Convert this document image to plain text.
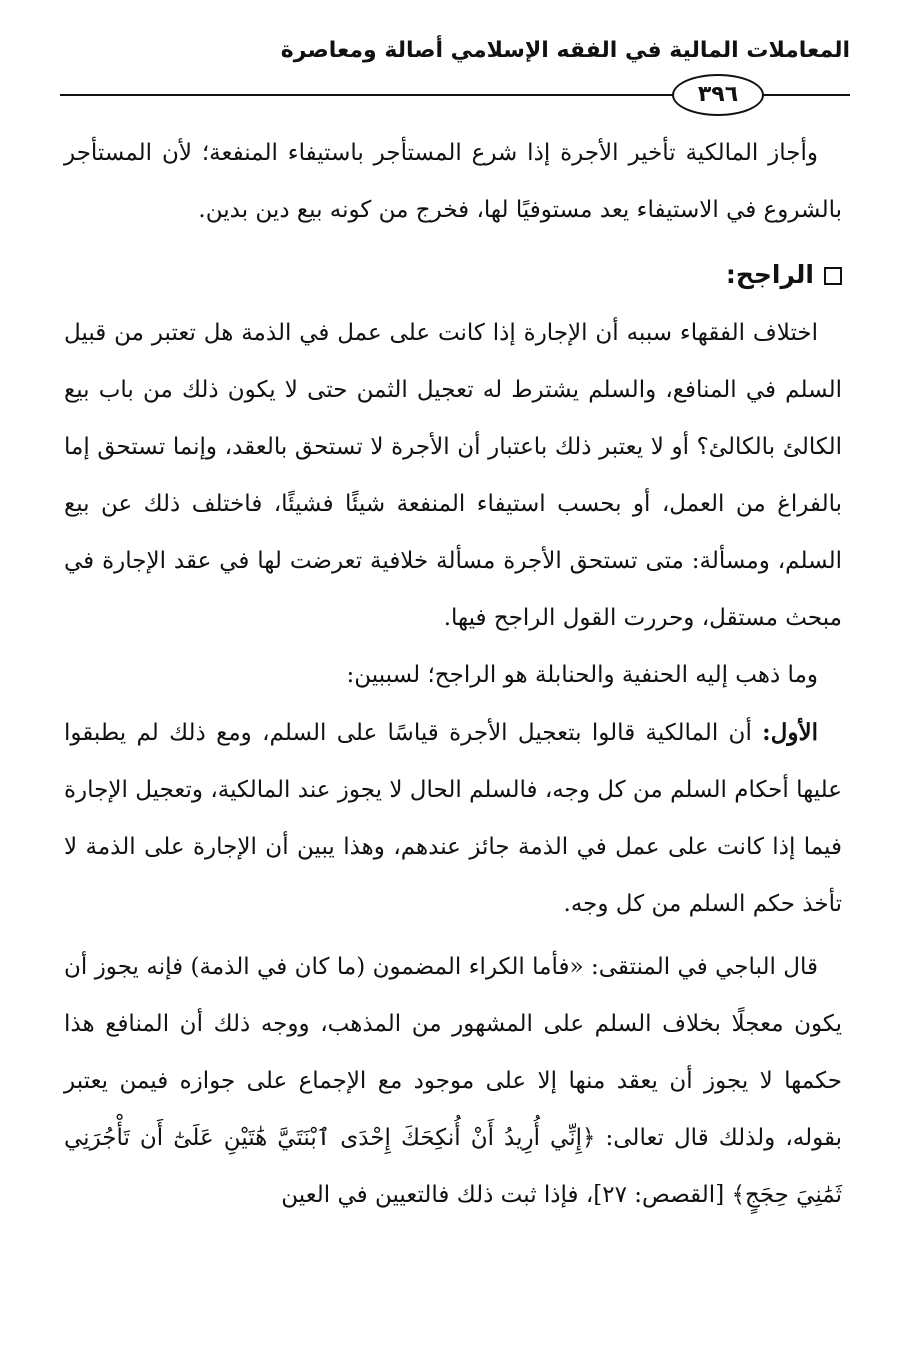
المعاملات المالية في الفقه الإسلامي أصالة ومعاصرة
٣٩٦

وأجاز المالكية تأخير الأجرة إذا شرع المستأجر باستيفاء المنفعة؛ لأن المستأجر بالشروع في الاستيفاء يعد مستوفيًا لها، فخرج من كونه بيع دين بدين.

الراجح:

اختلاف الفقهاء سببه أن الإجارة إذا كانت على عمل في الذمة هل تعتبر من قبيل السلم في المنافع، والسلم يشترط له تعجيل الثمن حتى لا يكون ذلك من باب بيع الكالئ بالكالئ؟ أو لا يعتبر ذلك باعتبار أن الأجرة لا تستحق بالعقد، وإنما تستحق إما بالفراغ من العمل، أو بحسب استيفاء المنفعة شيئًا فشيئًا، فاختلف ذلك عن بيع السلم، ومسألة: متى تستحق الأجرة مسألة خلافية تعرضت لها في عقد الإجارة في مبحث مستقل، وحررت القول الراجح فيها.

وما ذهب إليه الحنفية والحنابلة هو الراجح؛ لسببين:

الأول: أن المالكية قالوا بتعجيل الأجرة قياسًا على السلم، ومع ذلك لم يطبقوا عليها أحكام السلم من كل وجه، فالسلم الحال لا يجوز عند المالكية، وتعجيل الإجارة فيما إذا كانت على عمل في الذمة جائز عندهم، وهذا يبين أن الإجارة على الذمة لا تأخذ حكم السلم من كل وجه.

قال الباجي في المنتقى: «فأما الكراء المضمون (ما كان في الذمة) فإنه يجوز أن يكون معجلًا بخلاف السلم على المشهور من المذهب، ووجه ذلك أن المنافع هذا حكمها لا يجوز أن يعقد منها إلا على موجود مع الإجماع على جوازه فيمن يعتبر بقوله، ولذلك قال تعالى: ﴿إِنِّي أُرِيدُ أَنْ أُنكِحَكَ إِحْدَى ٱبْنَتَيَّ هَٰتَيْنِ عَلَىٰٓ أَن تَأْجُرَنِي ثَمَٰنِيَ حِجَجٍ﴾ [القصص: ٢٧]، فإذا ثبت ذلك فالتعيين في العين
